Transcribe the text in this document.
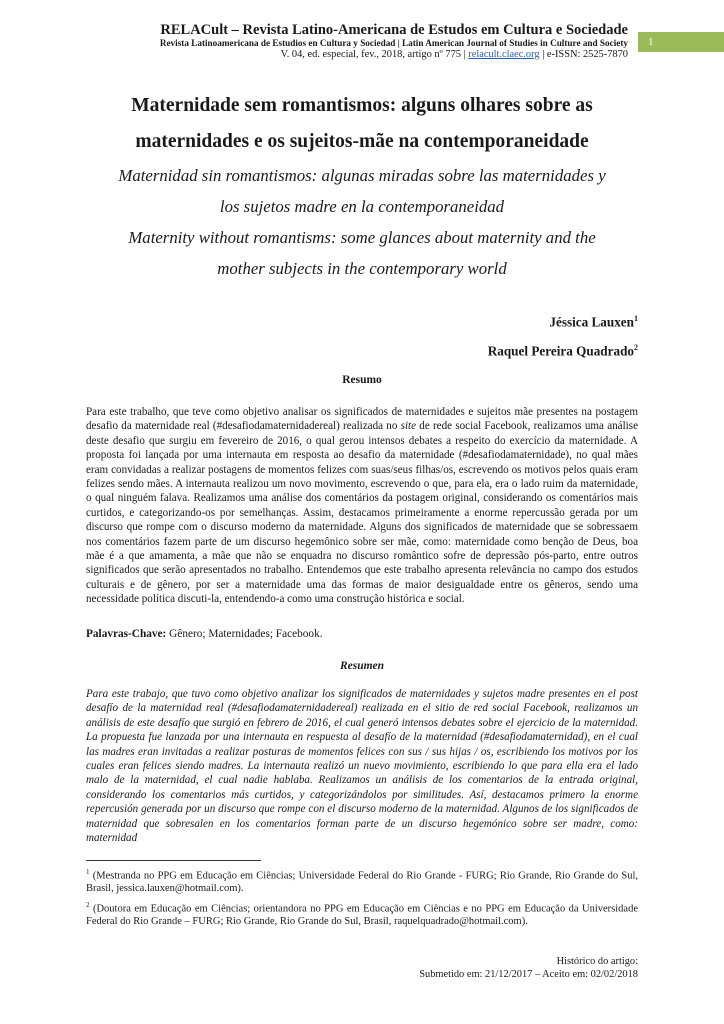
RELACult – Revista Latino-Americana de Estudos em Cultura e Sociedade
Revista Latinoamericana de Estudios en Cultura y Sociedad | Latin American Journal of Studies in Culture and Society
V. 04, ed. especial, fev., 2018, artigo nº 775 | relacult.claec.org | e-ISSN: 2525-7870
1
Maternidade sem romantismos: alguns olhares sobre as
maternidades e os sujeitos-mãe na contemporaneidade
Maternidad sin romantismos: algunas miradas sobre las maternidades y
los sujetos madre en la contemporaneidad
Maternity without romantisms: some glances about maternity and the
mother subjects in the contemporary world
Jéssica Lauxen$^1$
Raquel Pereira Quadrado$^2$
Resumo

Para este trabalho, que teve como objetivo analisar os significados de maternidades e sujeitos mãe presentes na postagem desafio da maternidade real (#desafiodamaternidadereal) realizada no site de rede social Facebook, realizamos uma análise deste desafio que surgiu em fevereiro de 2016, o qual gerou intensos debates a respeito do exercício da maternidade. A proposta foi lançada por uma internauta em resposta ao desafio da maternidade (#desafiodamaternidade), no qual mães eram convidadas a realizar postagens de momentos felizes com suas/seus filhas/os, escrevendo os motivos pelos quais eram felizes sendo mães. A internauta realizou um novo movimento, escrevendo o que, para ela, era o lado ruim da maternidade, o qual ninguém falava. Realizamos uma análise dos comentários da postagem original, considerando os comentários mais curtidos, e categorizando-os por semelhanças. Assim, destacamos primeiramente a enorme repercussão gerada por um discurso que rompe com o discurso moderno da maternidade. Alguns dos significados de maternidade que se sobressaem nos comentários fazem parte de um discurso hegemônico sobre ser mãe, como: maternidade como benção de Deus, boa mãe é a que amamenta, a mãe que não se enquadra no discurso romântico sofre de depressão pós-parto, entre outros significados que serão apresentados no trabalho. Entendemos que este trabalho apresenta relevância no campo dos estudos culturais e de gênero, por ser a maternidade uma das formas de maior desigualdade entre os gêneros, sendo uma necessidade política discuti-la, entendendo-a como uma construção histórica e social.

Palavras-Chave: Gênero; Maternidades; Facebook.
Resumen

Para este trabajo, que tuvo como objetivo analizar los significados de maternidades y sujetos madre presentes en el post desafío de la maternidad real (#desafiodamaternidadereal) realizada en el sitio de red social Facebook, realizamos un análisis de este desafío que surgió en febrero de 2016, el cual generó intensos debates sobre el ejercicio de la maternidad. La propuesta fue lanzada por una internauta en respuesta al desafío de la maternidad (#desafiodamaternidad), en el cual las madres eran invitadas a realizar posturas de momentos felices con sus / sus hijas / os, escribiendo los motivos por los cuales eran felices siendo madres. La internauta realizó un nuevo movimiento, escribiendo lo que para ella era el lado malo de la maternidad, el cual nadie hablaba. Realizamos un análisis de los comentarios de la entrada original, considerando los comentarios más curtidos, y categorizándolos por similitudes. Así, destacamos primero la enorme repercusión generada por un discurso que rompe con el discurso moderno de la maternidad. Algunos de los significados de maternidad que sobresalen en los comentarios forman parte de un discurso hegemónico sobre ser madre, como: maternidad

$^1$ (Mestranda no PPG em Educação em Ciências; Universidade Federal do Rio Grande - FURG; Rio Grande, Rio Grande do Sul, Brasil, jessica.lauxen@hotmail.com).

$^2$ (Doutora em Educação em Ciências; orientandora no PPG em Educação em Ciências e no PPG em Educação da Universidade Federal do Rio Grande – FURG; Rio Grande, Rio Grande do Sul, Brasil, raquelquadrado@hotmail.com).

Histórico do artigo:
Submetido em: 21/12/2017 – Aceito em: 02/02/2018
